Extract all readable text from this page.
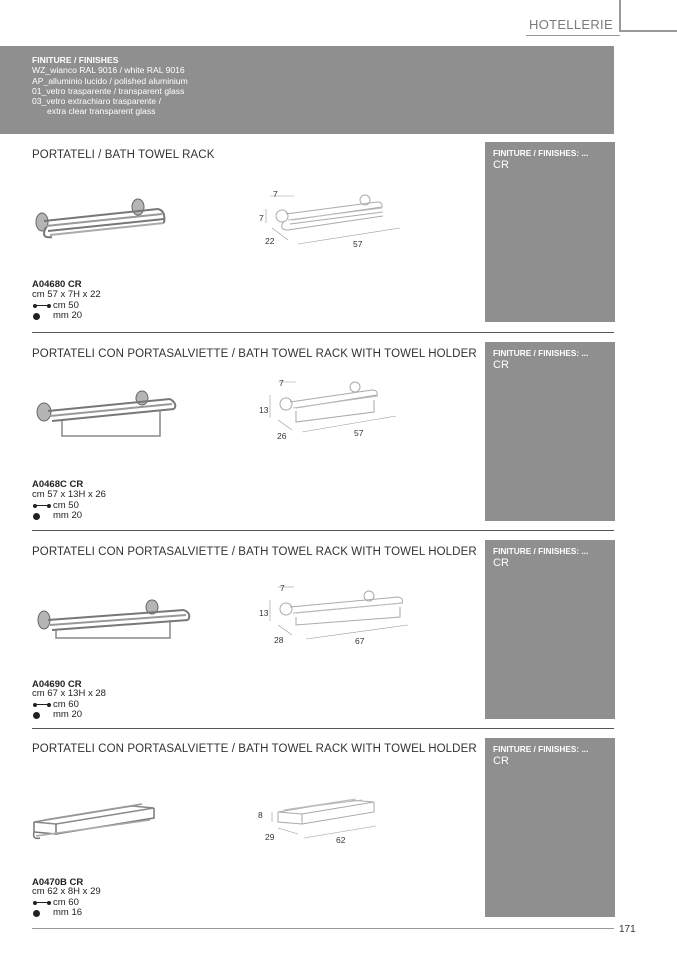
HOTELLERIE
FINITURE / FINISHES
WZ_wianco RAL 9016 / white RAL 9016
AP_alluminio lucido / polished aluminium
01_vetro trasparente / transparent glass
03_vetro extrachiaro trasparente /
extra clear transparent glass
PORTATELI / BATH TOWEL RACK	FINITURE / FINISHES: ...
CR
7
7
22	57
A04680 CR
cm 57 x 7H x 22
cm 50
mm 20
PORTATELI CON PORTASALVIETTE / BATH TOWEL RACK WITH TOWEL HOLDER FINITURE / FINISHES: ...
CR
7
13
26	57
A0468C CR
cm 57 x 13H x 26
cm 50
mm 20
PORTATELI CON PORTASALVIETTE / BATH TOWEL RACK WITH TOWEL HOLDER FINITURE / FINISHES: ...
CR
7
13
28	67
A04690 CR
cm 67 x 13H x 28
cm 60
mm 20
PORTATELI CON PORTASALVIETTE / BATH TOWEL RACK WITH TOWEL HOLDER FINITURE / FINISHES: ...
CR
8
29	62
A0470B CR
cm 62 x 8H x 29
cm 60
mm 16
171
